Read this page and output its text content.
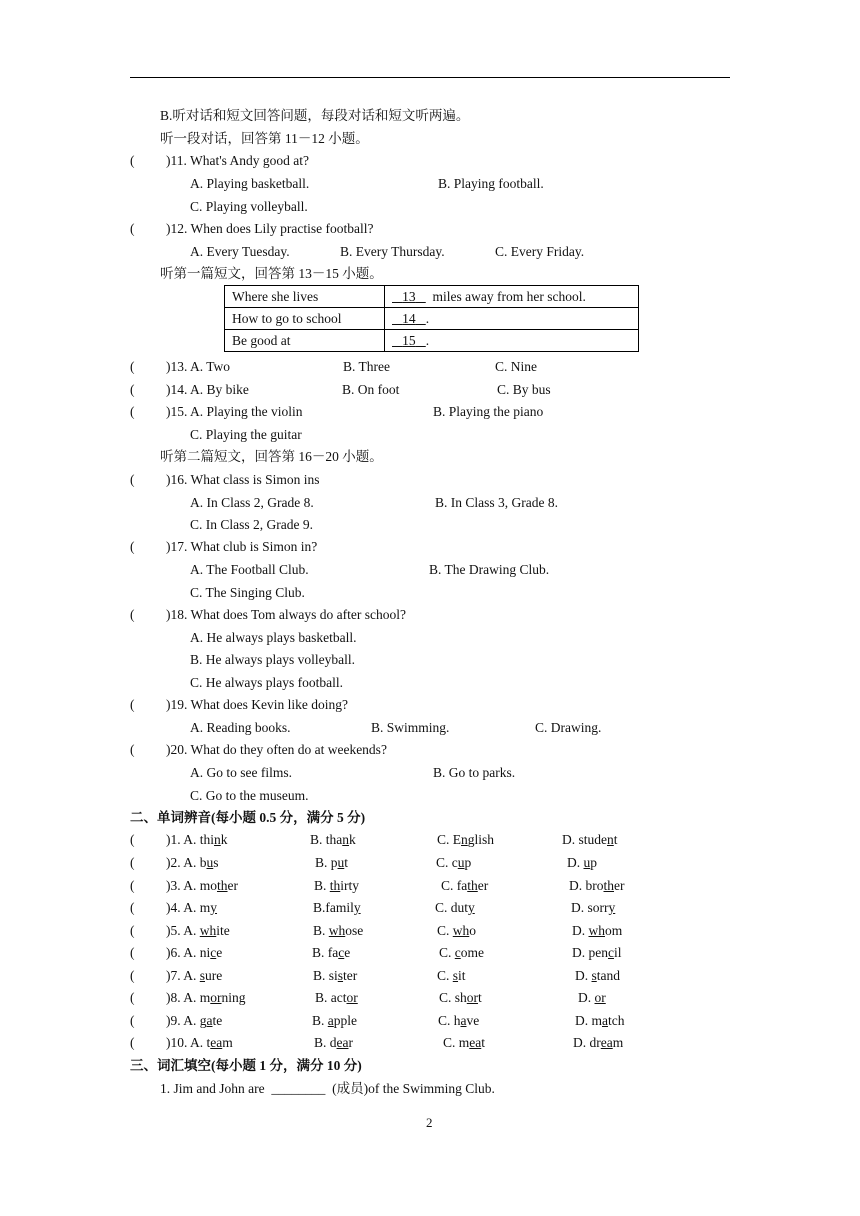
B.听对话和短文回答问题，每段对话和短文听两遍。
听一段对话，回答第 11－12 小题。
( )11. What's Andy good at?
A. Playing basketball.	B. Playing football.
C. Playing volleyball.
( )12. When does Lily practise football?
A. Every Tuesday.	B. Every Thursday.	C. Every Friday.
听第一篇短文，回答第 13－15 小题。
Where she lives	13 miles away from her school.
How to go to school	14 .
Be good at	15 .
( )13. A. Two	B. Three	C. Nine
( )14. A. By bike	B. On foot	C. By bus
( )15. A. Playing the violin	B. Playing the piano
C. Playing the guitar
听第二篇短文，回答第 16－20 小题。
( )16. What class is Simon ins
A. In Class 2, Grade 8.	B. In Class 3, Grade 8.
C. In Class 2, Grade 9.
( )17. What club is Simon in?
A. The Football Club.	B. The Drawing Club.
C. The Singing Club.
( )18. What does Tom always do after school?
A. He always plays basketball.
B. He always plays volleyball.
C. He always plays football.
( )19. What does Kevin like doing?
A. Reading books.	B. Swimming.	C. Drawing.
( )20. What do they often do at weekends?
A. Go to see films.	B. Go to parks.
C. Go to the museum.
二、单词辨音(每小题 0.5 分，满分 5 分)
( )1. A. think	B. thank	C. English	D. student
( )2. A. bus	B. put	C. cup	D. up
( )3. A. mother	B. thirty	C. father	D. brother
( )4. A. my	B.family	C. duty	D. sorry
( )5. A. white	B. whose	C. who	D. whom
( )6. A. nice	B. face	C. come	D. pencil
( )7. A. sure	B. sister	C. sit	D. stand
( )8. A. morning	B. actor	C. short	D. or
( )9. A. gate	B. apple	C. have	D. match
( )10. A. team	B. dear	C. meat	D. dream
三、词汇填空(每小题 1 分，满分 10 分)
1. Jim and John are ________ (成员)of the Swimming Club.
2
